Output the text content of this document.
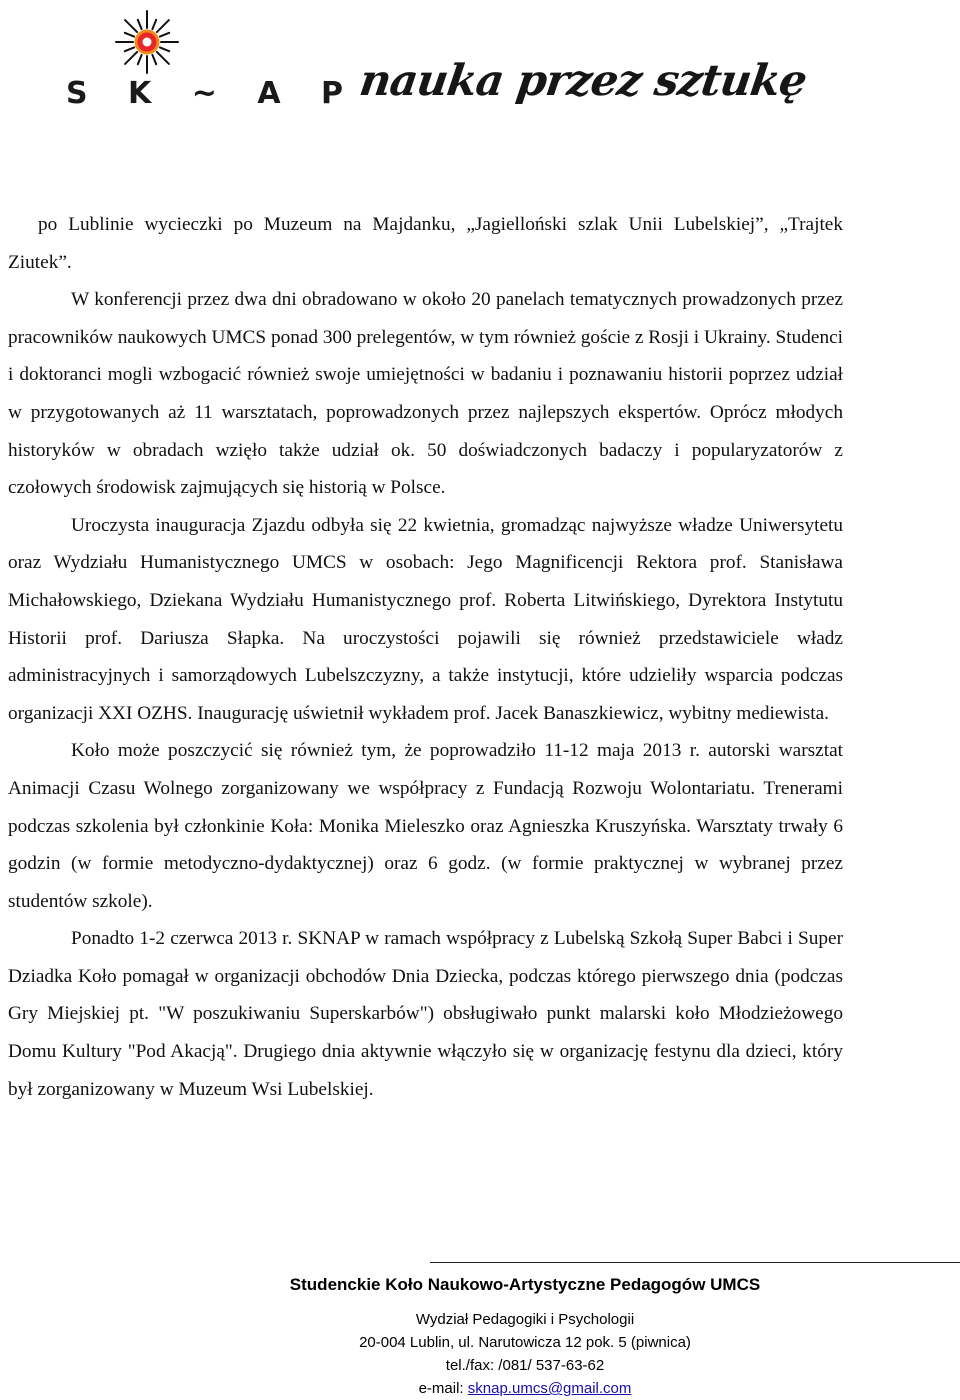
S K ~ A P
nauka przez sztukę

po Lublinie wycieczki po Muzeum na Majdanku, „Jagielloński szlak Unii Lubelskiej”, „Trajtek Ziutek”.

W konferencji przez dwa dni obradowano w około 20 panelach tematycznych prowadzonych przez pracowników naukowych UMCS ponad 300 prelegentów, w tym również goście z Rosji i Ukrainy. Studenci i doktoranci mogli wzbogacić również swoje umiejętności w badaniu i poznawaniu historii poprzez udział w przygotowanych aż 11 warsztatach, poprowadzonych przez najlepszych ekspertów. Oprócz młodych historyków w obradach wzięło także udział ok. 50 doświadczonych badaczy i popularyzatorów z czołowych środowisk zajmujących się historią w Polsce.

Uroczysta inauguracja Zjazdu odbyła się 22 kwietnia, gromadząc najwyższe władze Uniwersytetu oraz Wydziału Humanistycznego UMCS w osobach: Jego Magnificencji Rektora prof. Stanisława Michałowskiego, Dziekana Wydziału Humanistycznego prof. Roberta Litwińskiego, Dyrektora Instytutu Historii prof. Dariusza Słapka. Na uroczystości pojawili się również przedstawiciele władz administracyjnych i samorządowych Lubelszczyzny, a także instytucji, które udzieliły wsparcia podczas organizacji XXI OZHS. Inaugurację uświetnił wykładem prof. Jacek Banaszkiewicz, wybitny mediewista.

Koło może poszczycić się również tym, że poprowadziło 11-12 maja 2013 r. autorski warsztat Animacji Czasu Wolnego zorganizowany we współpracy z Fundacją Rozwoju Wolontariatu. Trenerami podczas szkolenia był członkinie Koła: Monika Mieleszko oraz Agnieszka Kruszyńska. Warsztaty trwały 6 godzin (w formie metodyczno-dydaktycznej) oraz 6 godz. (w formie praktycznej w wybranej przez studentów szkole).

Ponadto 1-2 czerwca 2013 r. SKNAP w ramach współpracy z Lubelską Szkołą Super Babci i Super Dziadka Koło pomagał w organizacji obchodów Dnia Dziecka, podczas którego pierwszego dnia (podczas Gry Miejskiej pt. "W poszukiwaniu Superskarbów") obsługiwało punkt malarski koło Młodzieżowego Domu Kultury "Pod Akacją". Drugiego dnia aktywnie włączyło się w organizację festynu dla dzieci, który był zorganizowany w Muzeum Wsi Lubelskiej.

Studenckie Koło Naukowo-Artystyczne Pedagogów UMCS
Wydział Pedagogiki i Psychologii
20-004 Lublin, ul. Narutowicza 12 pok. 5 (piwnica)
tel./fax: /081/ 537-63-62
e-mail: sknap.umcs@gmail.com
